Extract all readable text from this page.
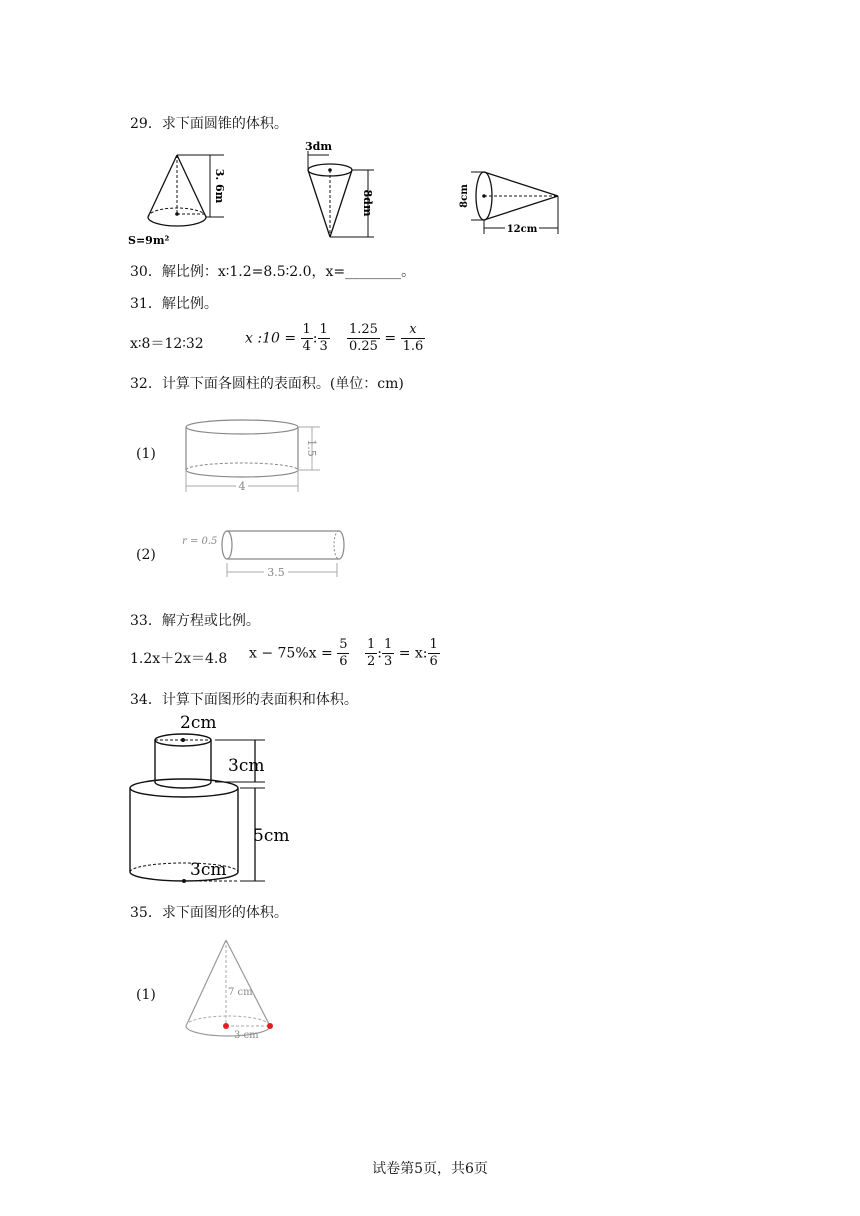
29．求下面圆锥的体积。
3. 6m
S=9m²
3dm
8dm	8cm
12cm
30．解比例：x∶1.2=8.5∶2.0，x=________。
31．解比例。
x∶8＝12∶32	x :10 = $\frac{1}{4}$ : $\frac{1}{3} \frac{1.25}{0.25} = \frac{x}{1.6}$
32．计算下面各圆柱的表面积。(单位：cm)
(1)	1.5
4
(2)
r = 0.5
3.5
33．解方程或比例。
1.2x＋2x＝4.8 $x - 75\%x = \frac{5}{6} \frac{1}{2}$ : $\frac{1}{3} = x$: $\frac{1}{6}$
34．计算下面图形的表面积和体积。
2cm
3cm
5cm
3cm
35．求下面图形的体积。
(1)	7 cm
3 cm
试卷第5页，共6页
